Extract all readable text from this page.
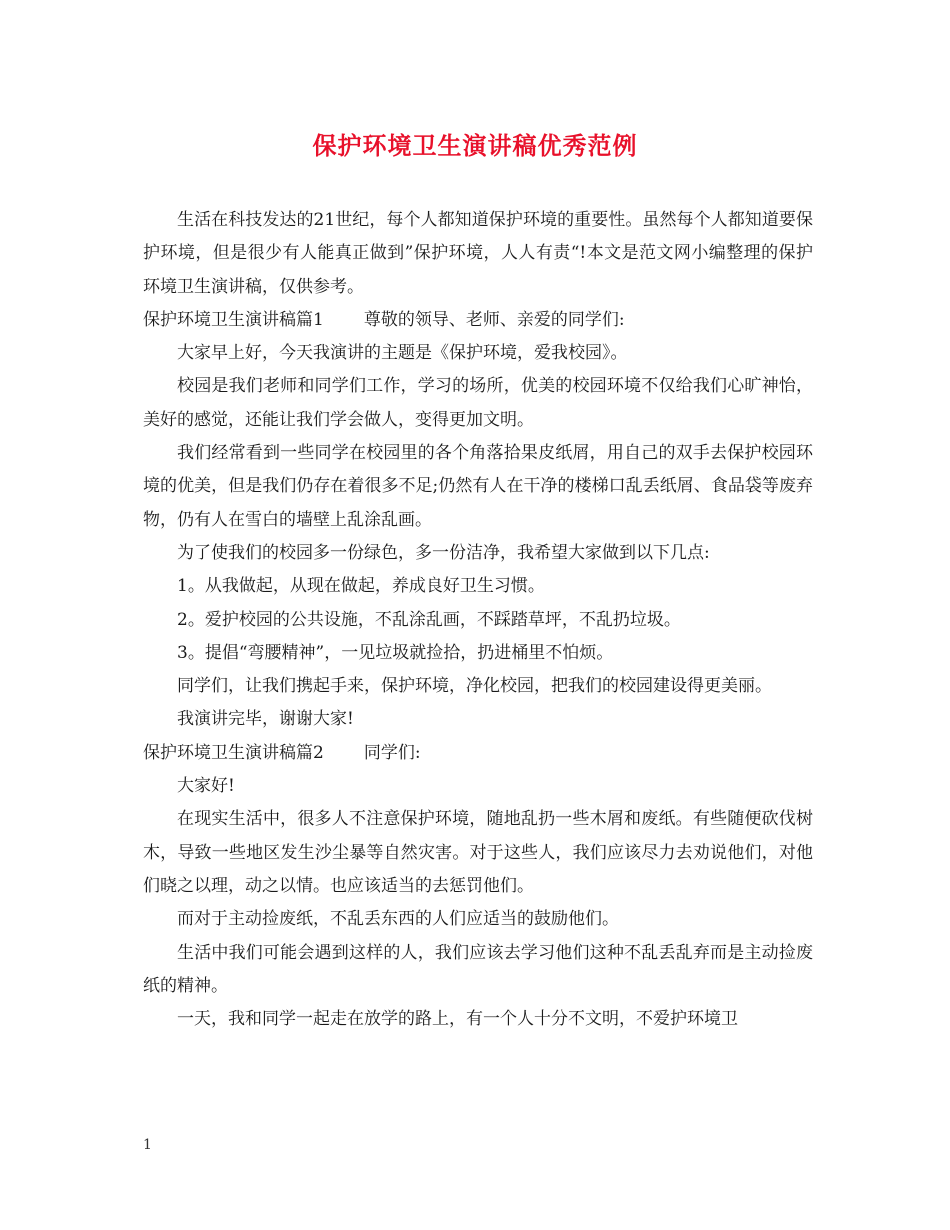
保护环境卫生演讲稿优秀范例

生活在科技发达的21世纪，每个人都知道保护环境的重要性。虽然每个人都知道要保护环境，但是很少有人能真正做到”保护环境，人人有责“!本文是范文网小编整理的保护环境卫生演讲稿，仅供参考。

保护环境卫生演讲稿篇1 尊敬的领导、老师、亲爱的同学们:

大家早上好，今天我演讲的主题是《保护环境，爱我校园》。

校园是我们老师和同学们工作，学习的场所，优美的校园环境不仅给我们心旷神怡，美好的感觉，还能让我们学会做人，变得更加文明。

我们经常看到一些同学在校园里的各个角落拾果皮纸屑，用自己的双手去保护校园环境的优美，但是我们仍存在着很多不足;仍然有人在干净的楼梯口乱丢纸屑、食品袋等废弃物，仍有人在雪白的墙壁上乱涂乱画。

为了使我们的校园多一份绿色，多一份洁净，我希望大家做到以下几点:

1。从我做起，从现在做起，养成良好卫生习惯。

2。爱护校园的公共设施，不乱涂乱画，不踩踏草坪，不乱扔垃圾。

3。提倡“弯腰精神”，一见垃圾就捡拾，扔进桶里不怕烦。

同学们，让我们携起手来，保护环境，净化校园，把我们的校园建设得更美丽。

我演讲完毕，谢谢大家!

保护环境卫生演讲稿篇2 同学们:

大家好!

在现实生活中，很多人不注意保护环境，随地乱扔一些木屑和废纸。有些随便砍伐树木，导致一些地区发生沙尘暴等自然灾害。对于这些人，我们应该尽力去劝说他们，对他们晓之以理，动之以情。也应该适当的去惩罚他们。

而对于主动捡废纸，不乱丢东西的人们应适当的鼓励他们。

生活中我们可能会遇到这样的人，我们应该去学习他们这种不乱丢乱弃而是主动捡废纸的精神。

一天，我和同学一起走在放学的路上，有一个人十分不文明，不爱护环境卫

1
